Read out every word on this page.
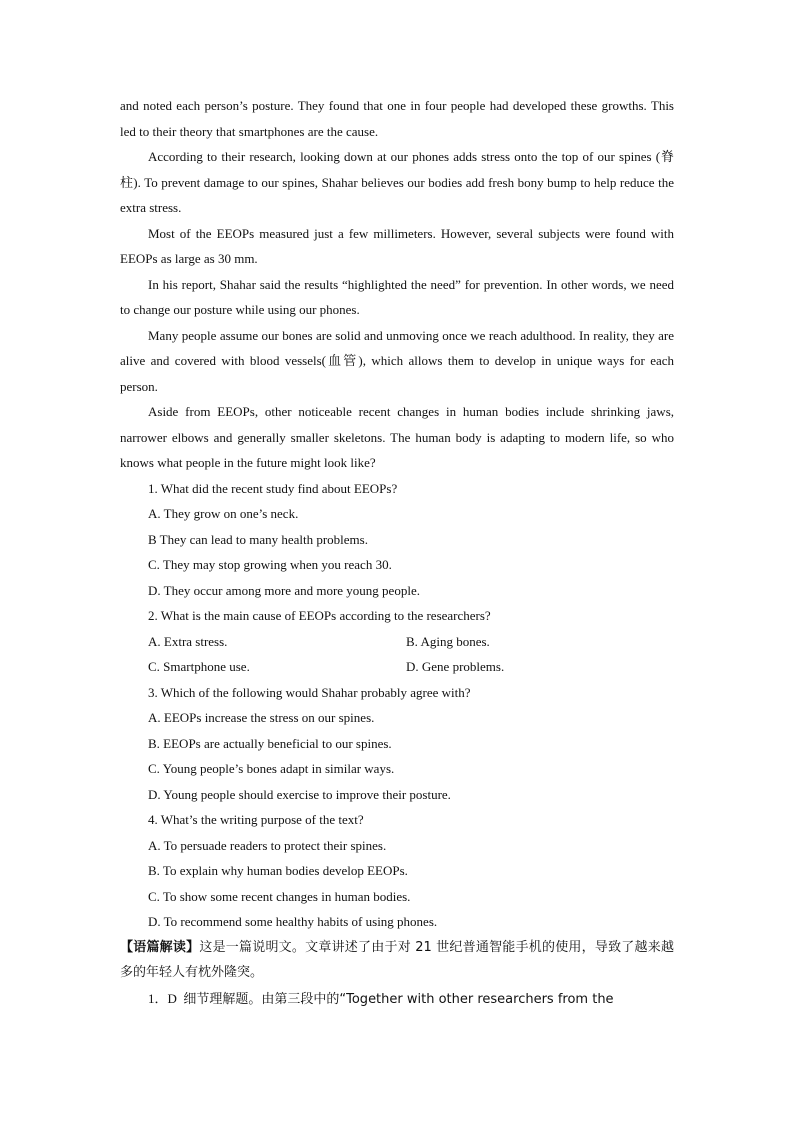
and noted each person’s posture. They found that one in four people had developed these growths. This led to their theory that smartphones are the cause.

According to their research, looking down at our phones adds stress onto the top of our spines (脊柱). To prevent damage to our spines, Shahar believes our bodies add fresh bony bump to help reduce the extra stress.

Most of the EEOPs measured just a few millimeters. However, several subjects were found with EEOPs as large as 30 mm.

In his report, Shahar said the results “highlighted the need” for prevention. In other words, we need to change our posture while using our phones.

Many people assume our bones are solid and unmoving once we reach adulthood. In reality, they are alive and covered with blood vessels(血管), which allows them to develop in unique ways for each person.

Aside from EEOPs, other noticeable recent changes in human bodies include shrinking jaws, narrower elbows and generally smaller skeletons. The human body is adapting to modern life, so who knows what people in the future might look like?

1. What did the recent study find about EEOPs?

A. They grow on one’s neck.

B They can lead to many health problems.

C. They may stop growing when you reach 30.

D. They occur among more and more young people.

2. What is the main cause of EEOPs according to the researchers?

A. Extra stress.	B. Aging bones.
C. Smartphone use.	D. Gene problems.

3. Which of the following would Shahar probably agree with?

A. EEOPs increase the stress on our spines.

B. EEOPs are actually beneficial to our spines.

C. Young people’s bones adapt in similar ways.

D. Young people should exercise to improve their posture.

4. What’s the writing purpose of the text?

A. To persuade readers to protect their spines.

B. To explain why human bodies develop EEOPs.

C. To show some recent changes in human bodies.

D. To recommend some healthy habits of using phones.

【语篇解读】这是一篇说明文。文章讲述了由于对 21 世纪普通智能手机的使用，导致了越来越多的年轻人有枕外隆突。

1．D 细节理解题。由第三段中的“Together with other researchers from the
